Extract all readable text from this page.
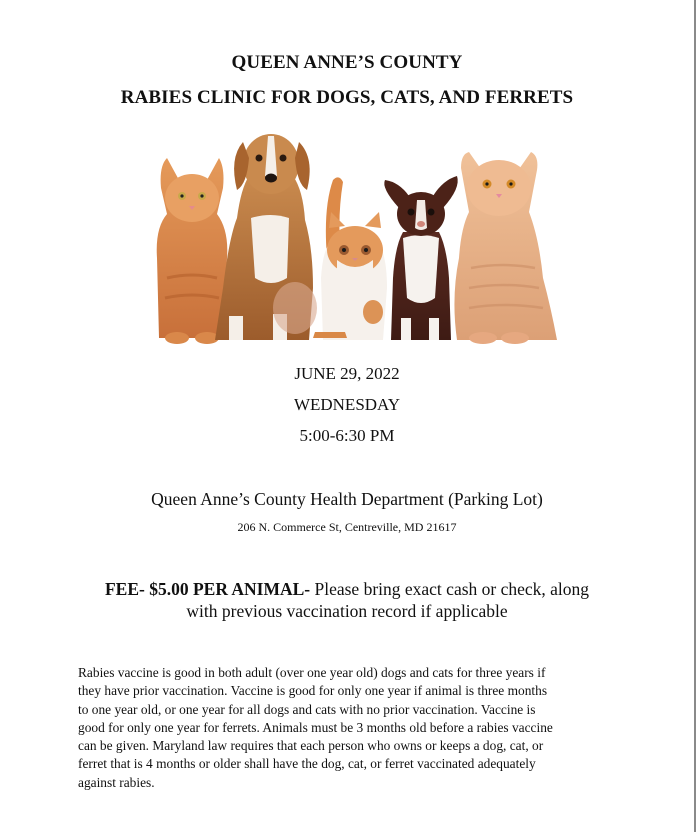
QUEEN ANNE’S COUNTY
RABIES CLINIC FOR DOGS, CATS, AND FERRETS
JUNE 29, 2022
WEDNESDAY
5:00-6:30 PM
Queen Anne’s County Health Department (Parking Lot)
206 N. Commerce St, Centreville, MD 21617
FEE- $5.00 PER ANIMAL- Please bring exact cash or check, along
with previous vaccination record if applicable
Rabies vaccine is good in both adult (over one year old) dogs and cats for three years if
they have prior vaccination. Vaccine is good for only one year if animal is three months
to one year old, or one year for all dogs and cats with no prior vaccination. Vaccine is
good for only one year for ferrets. Animals must be 3 months old before a rabies vaccine
can be given. Maryland law requires that each person who owns or keeps a dog, cat, or
ferret that is 4 months or older shall have the dog, cat, or ferret vaccinated adequately
against rabies.
